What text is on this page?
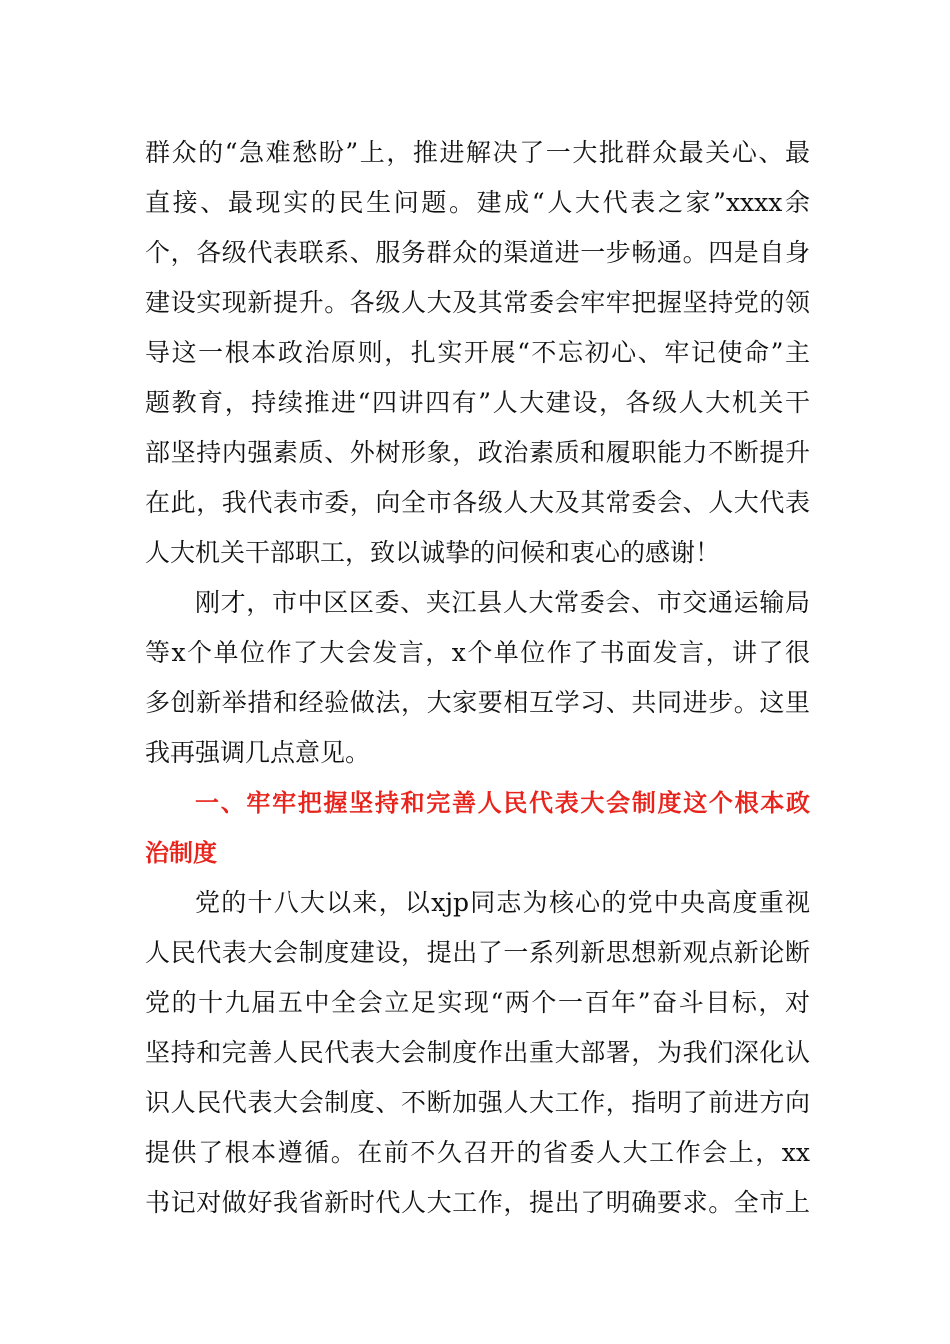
群众的“急难愁盼”上，推进解决了一大批群众最关心、最
直接、最现实的民生问题。建成“人大代表之家”xxxx余
个，各级代表联系、服务群众的渠道进一步畅通。四是自身
建设实现新提升。各级人大及其常委会牢牢把握坚持党的领
导这一根本政治原则，扎实开展“不忘初心、牢记使命”主
题教育，持续推进“四讲四有”人大建设，各级人大机关干
部坚持内强素质、外树形象，政治素质和履职能力不断提升
在此，我代表市委，向全市各级人大及其常委会、人大代表
人大机关干部职工，致以诚挚的问候和衷心的感谢！
刚才，市中区区委、夹江县人大常委会、市交通运输局
等x个单位作了大会发言，x个单位作了书面发言，讲了很
多创新举措和经验做法，大家要相互学习、共同进步。这里
我再强调几点意见。
一、牢牢把握坚持和完善人民代表大会制度这个根本政
治制度
党的十八大以来，以xjp同志为核心的党中央高度重视
人民代表大会制度建设，提出了一系列新思想新观点新论断
党的十九届五中全会立足实现“两个一百年”奋斗目标，对
坚持和完善人民代表大会制度作出重大部署，为我们深化认
识人民代表大会制度、不断加强人大工作，指明了前进方向
提供了根本遵循。在前不久召开的省委人大工作会上，xx
书记对做好我省新时代人大工作，提出了明确要求。全市上
